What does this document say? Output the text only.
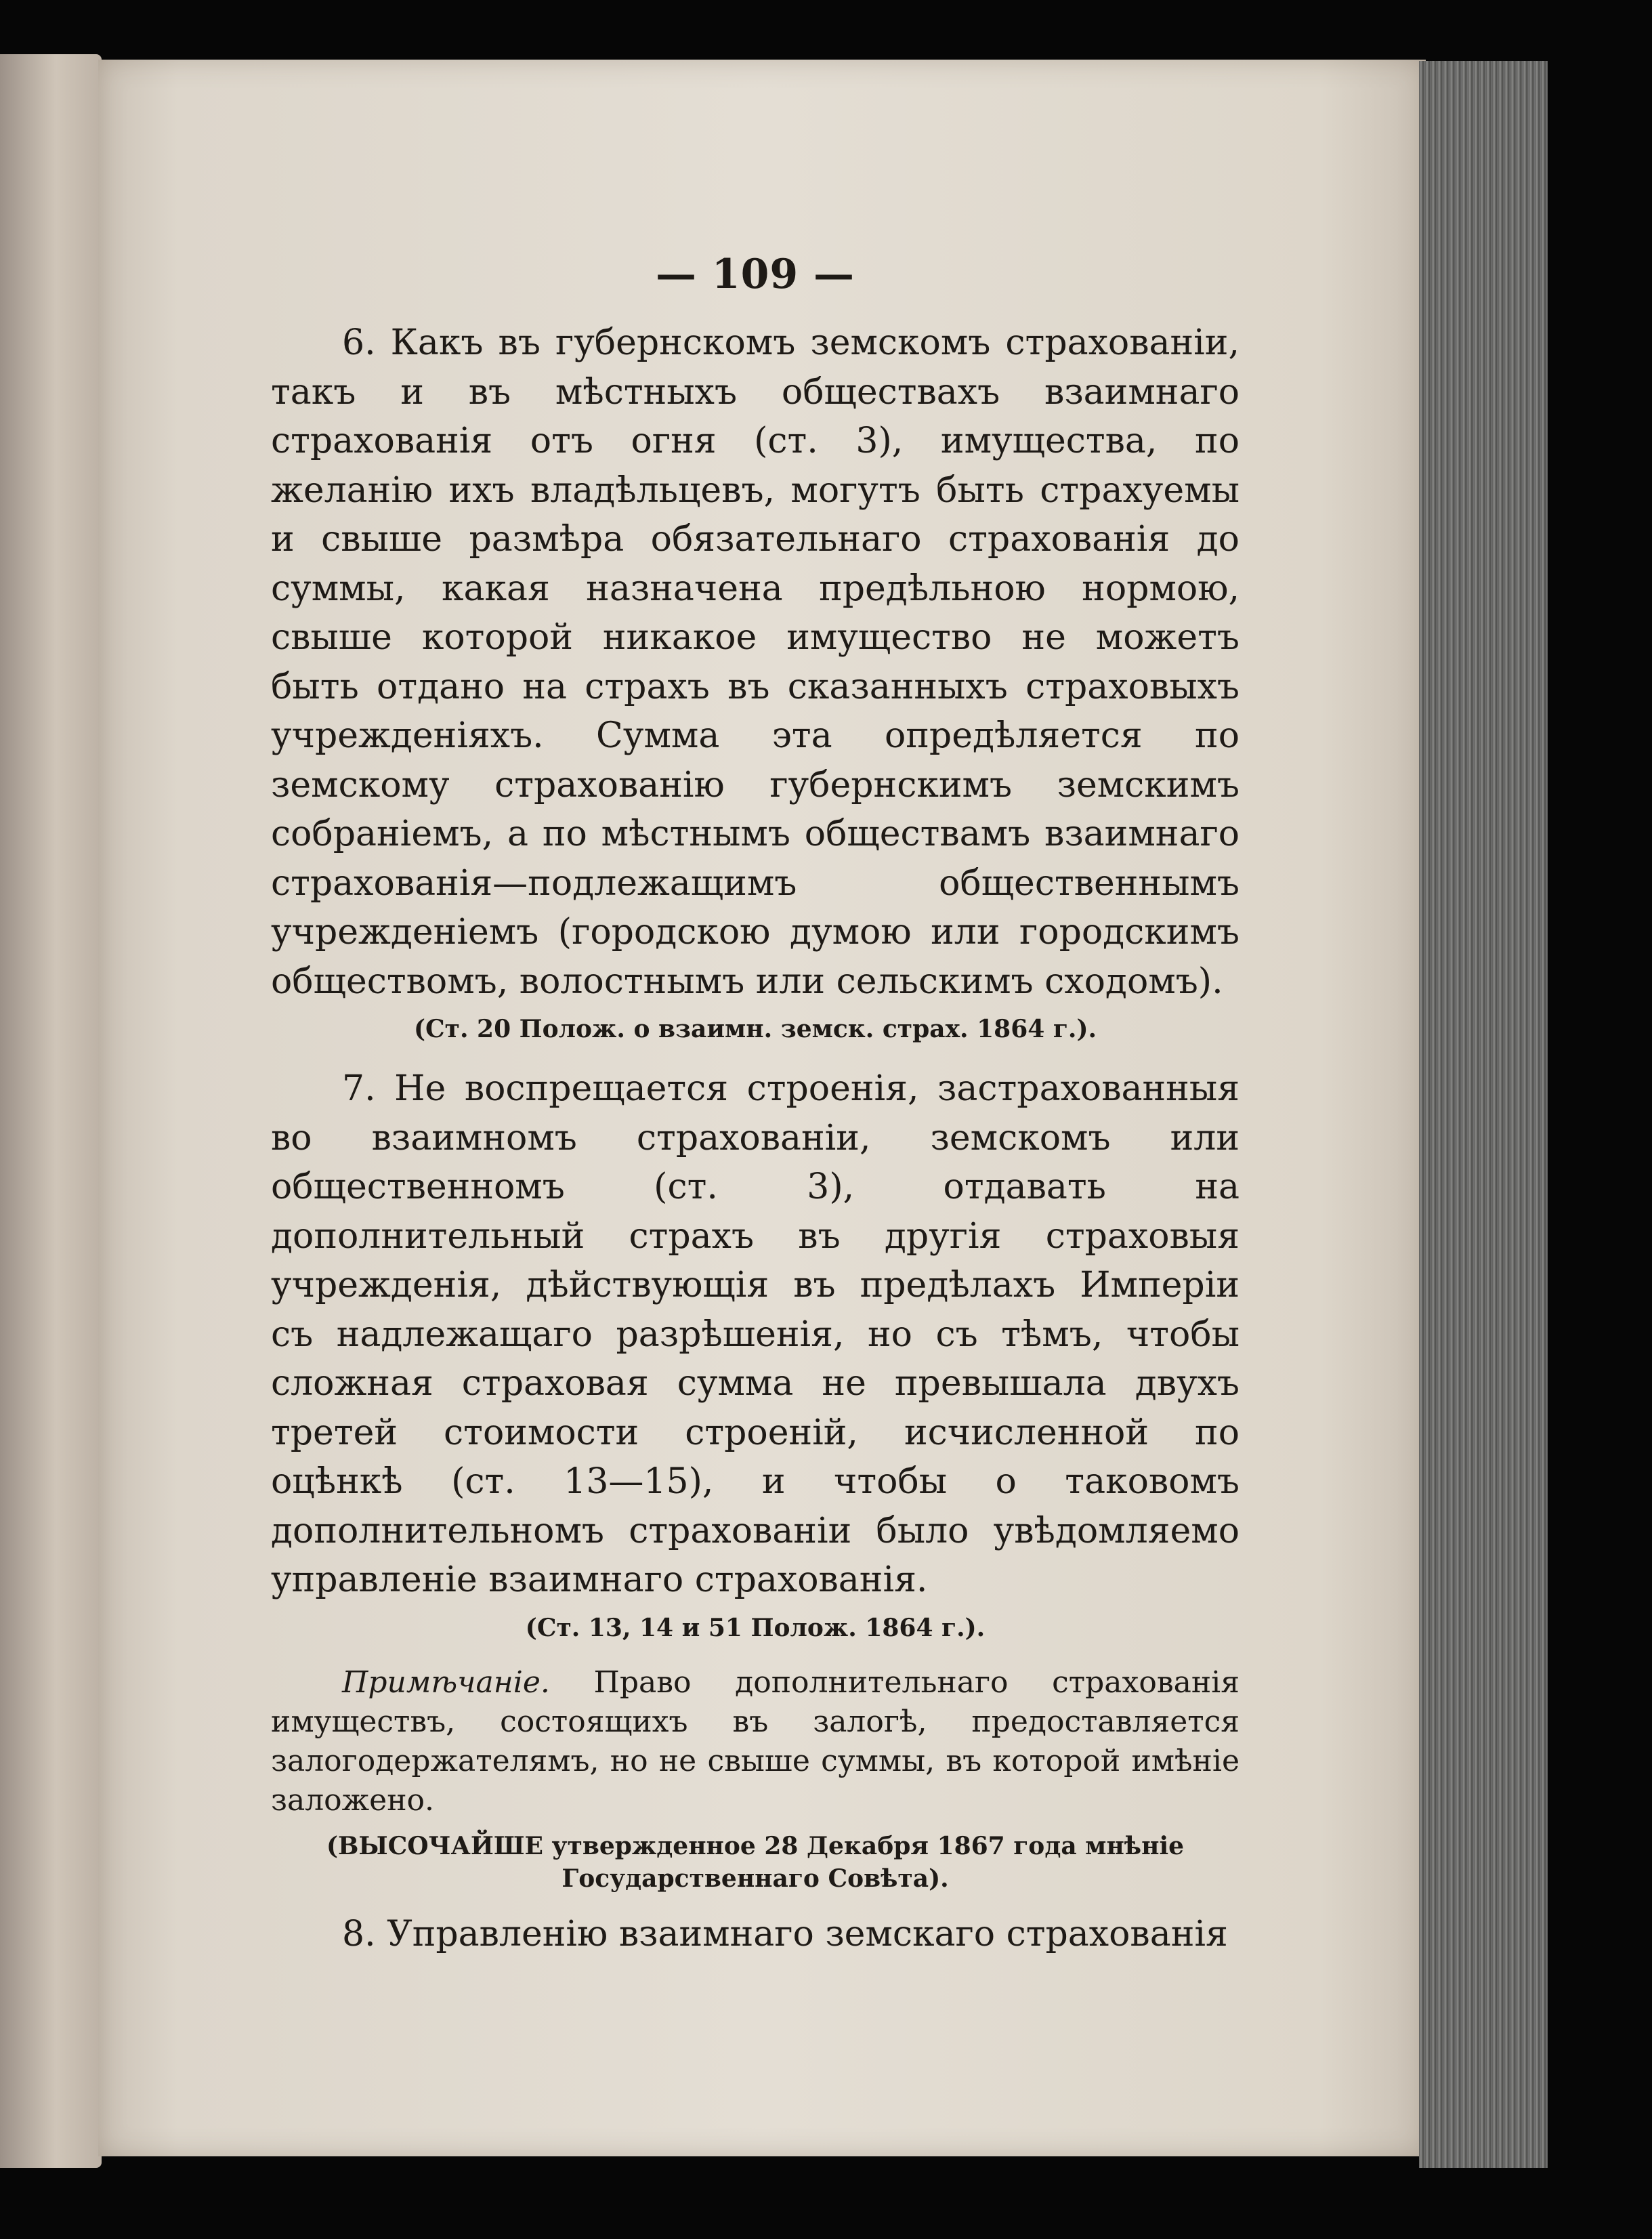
— 109 —

6. Какъ въ губернскомъ земскомъ страхованіи, такъ и въ мѣстныхъ обществахъ взаимнаго страхованія отъ огня (ст. 3), имущества, по желанію ихъ владѣльцевъ, могутъ быть страхуемы и свыше размѣра обязательнаго страхованія до суммы, какая назначена предѣльною нормою, свыше которой никакое имущество не можетъ быть отдано на страхъ въ сказанныхъ страховыхъ учрежденіяхъ. Сумма эта опредѣляется по земскому страхованію губернскимъ земскимъ собраніемъ, а по мѣстнымъ обществамъ взаимнаго страхованія—подлежащимъ общественнымъ учрежденіемъ (городскою думою или городскимъ обществомъ, волостнымъ или сельскимъ сходомъ).

(Ст. 20 Полож. о взаимн. земск. страх. 1864 г.).

7. Не воспрещается строенія, застрахованныя во взаимномъ страхованіи, земскомъ или общественномъ (ст. 3), отдавать на дополнительный страхъ въ другія страховыя учрежденія, дѣйствующія въ предѣлахъ Имперіи съ надлежащаго разрѣшенія, но съ тѣмъ, чтобы сложная страховая сумма не превышала двухъ третей стоимости строеній, исчисленной по оцѣнкѣ (ст. 13—15), и чтобы о таковомъ дополнительномъ страхованіи было увѣдомляемо управленіе взаимнаго страхованія.

(Ст. 13, 14 и 51 Полож. 1864 г.).

Примѣчаніе. Право дополнительнаго страхованія имуществъ, состоящихъ въ залогѣ, предоставляется залогодержателямъ, но не свыше суммы, въ которой имѣніе заложено.

(ВЫСОЧАЙШЕ утвержденное 28 Декабря 1867 года мнѣніе Государственнаго Совѣта).

8. Управленію взаимнаго земскаго страхованія
